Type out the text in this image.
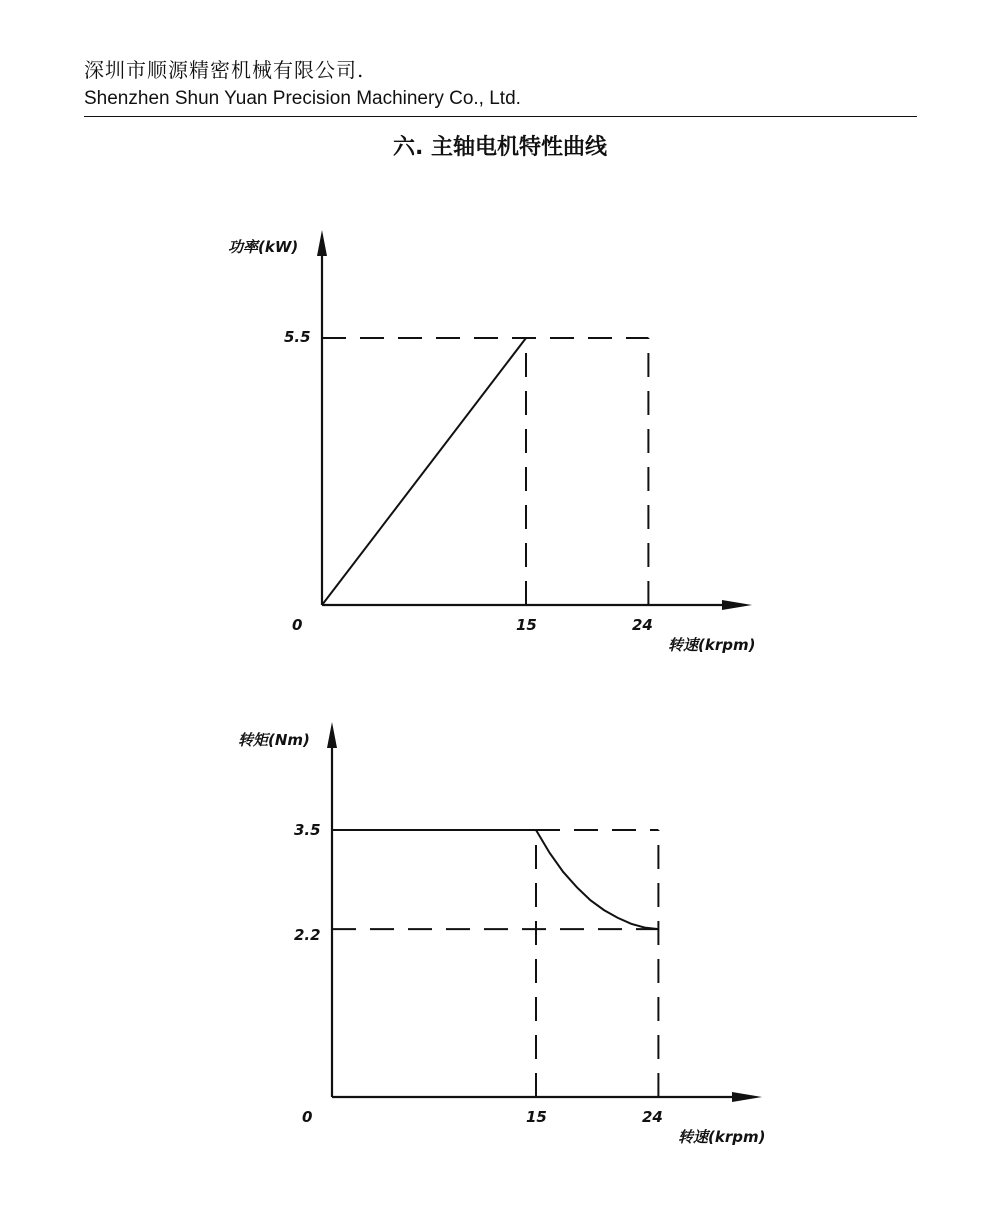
深圳市顺源精密机械有限公司.
Shenzhen Shun Yuan Precision Machinery Co., Ltd.
六. 主轴电机特性曲线
功率(kW)
转速(krpm)
0	15	24
5.5
转矩(Nm)
转速(krpm)
0	15	24
3.5
2.2
